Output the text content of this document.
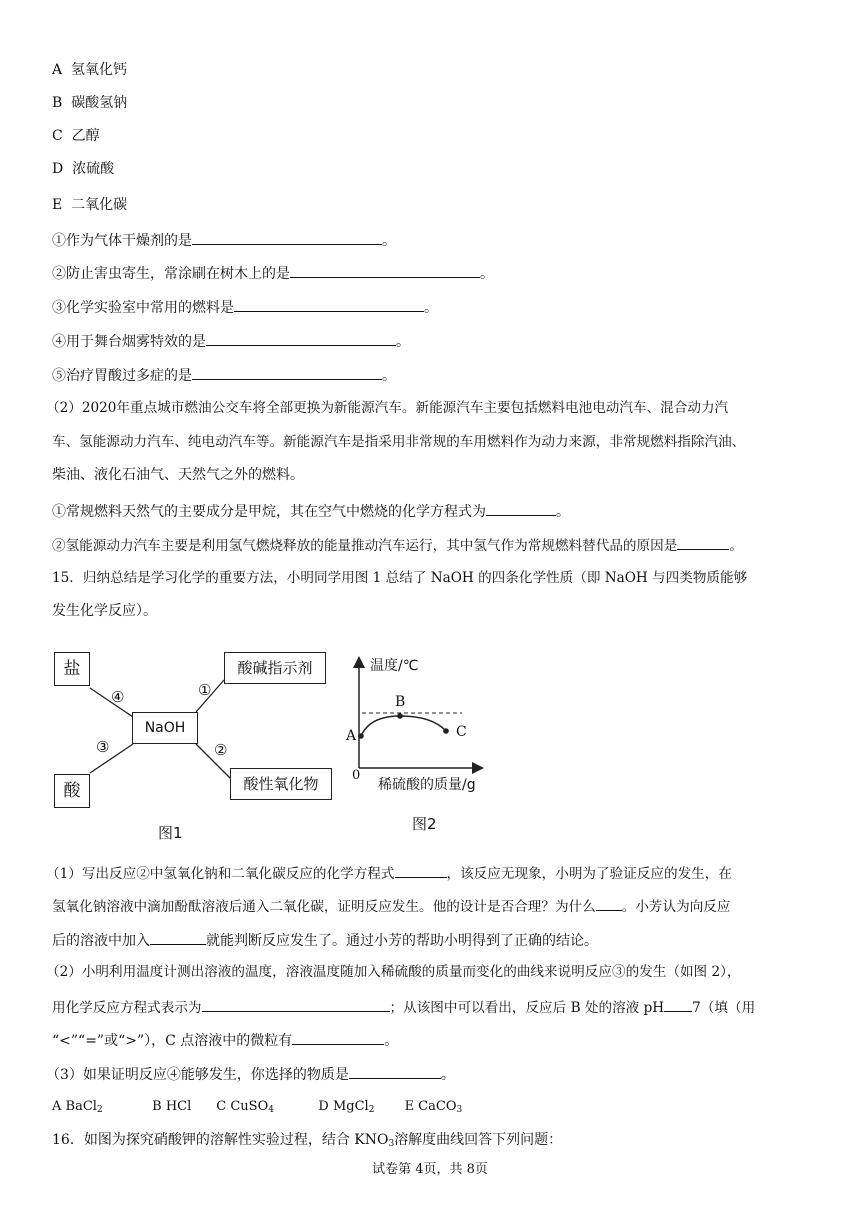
A 氢氧化钙
B 碳酸氢钠
C 乙醇
D 浓硫酸
E 二氧化碳
①作为气体干燥剂的是	。
②防止害虫寄生，常涂刷在树木上的是	。
③化学实验室中常用的燃料是	。
④用于舞台烟雾特效的是	。
⑤治疗胃酸过多症的是	。
（2）2020年重点城市燃油公交车将全部更换为新能源汽车。新能源汽车主要包括燃料电池电动汽车、混合动力汽
车、氢能源动力汽车、纯电动汽车等。新能源汽车是指采用非常规的车用燃料作为动力来源，非常规燃料指除汽油、
柴油、液化石油气、天然气之外的燃料。
①常规燃料天然气的主要成分是甲烷，其在空气中燃烧的化学方程式为	。
②氢能源动力汽车主要是利用氢气燃烧释放的能量推动汽车运行，其中氢气作为常规燃料替代品的原因是	。
15．归纳总结是学习化学的重要方法，小明同学用图 1 总结了 NaOH 的四条化学性质（即 NaOH 与四类物质能够
发生化学反应）。
盐	酸碱指示剂
NaOH
酸	酸性氧化物
④	①
③	②
图1
温度/℃
稀硫酸的质量/g
0
A
B
C
图2
（1）写出反应②中氢氧化钠和二氧化碳反应的化学方程式	，该反应无现象，小明为了验证反应的发生，在
氢氧化钠溶液中滴加酚酞溶液后通入二氧化碳，证明反应发生。他的设计是否合理？为什么 。小芳认为向反应
后的溶液中加入	就能判断反应发生了。通过小芳的帮助小明得到了正确的结论。
（2）小明利用温度计测出溶液的温度，溶液温度随加入稀硫酸的质量而变化的曲线来说明反应③的发生（如图 2），
用化学反应方程式表示为	；从该图中可以看出，反应后 B 处的溶液 pH 7（填（用
“<”“=”或“>”），C 点溶液中的微粒有	。
（3）如果证明反应④能够发生，你选择的物质是	。
A BaCl$_2$	B HCl C CuSO$_4$	D MgCl$_2$ E CaCO$_3$
16．如图为探究硝酸钾的溶解性实验过程，结合 $KNO_3$溶解度曲线回答下列问题：
试卷第 4页，共 8页
